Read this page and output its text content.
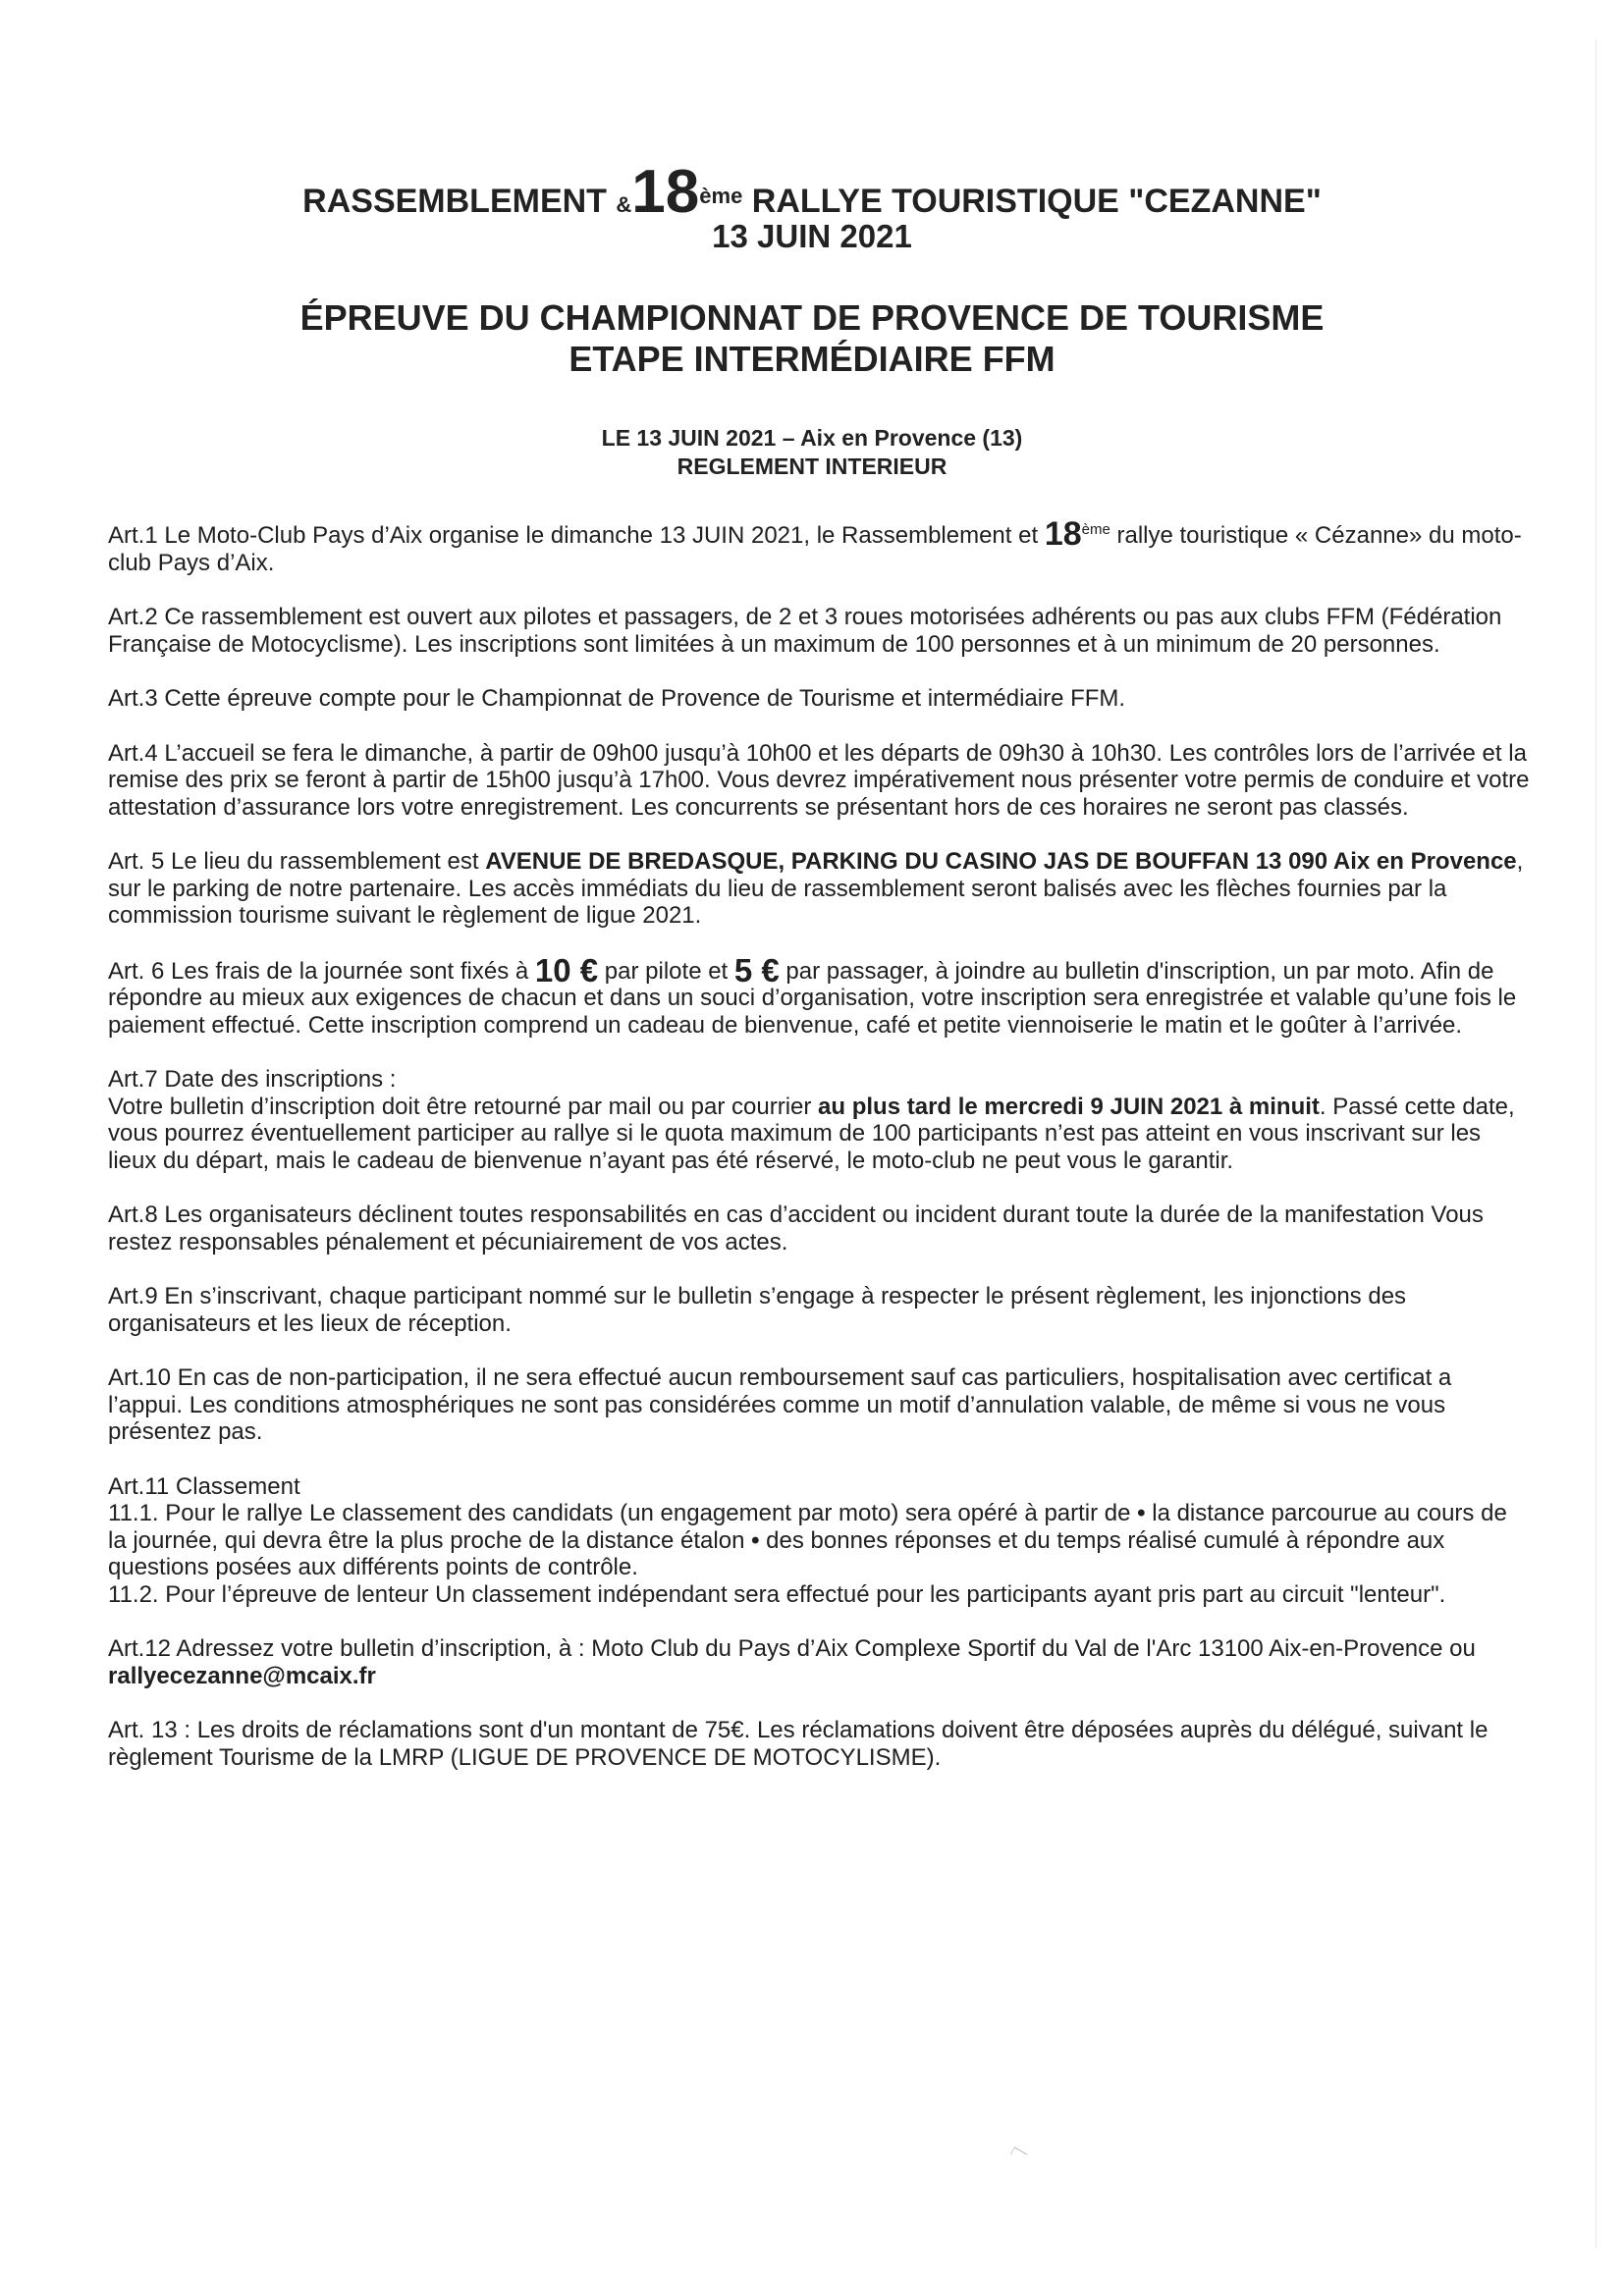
RASSEMBLEMENT &18ème RALLYE TOURISTIQUE "CEZANNE"
13 JUIN 2021
ÉPREUVE DU CHAMPIONNAT DE PROVENCE DE TOURISME
ETAPE INTERMÉDIAIRE FFM
LE 13 JUIN 2021 – Aix en Provence (13)
REGLEMENT INTERIEUR

Art.1 Le Moto-Club Pays d’Aix organise le dimanche 13 JUIN 2021, le Rassemblement et 18ème rallye touristique « Cézanne» du moto-club Pays d’Aix.

Art.2 Ce rassemblement est ouvert aux pilotes et passagers, de 2 et 3 roues motorisées adhérents ou pas aux clubs FFM (Fédération Française de Motocyclisme). Les inscriptions sont limitées à un maximum de 100 personnes et à un minimum de 20 personnes.

Art.3 Cette épreuve compte pour le Championnat de Provence de Tourisme et intermédiaire FFM.

Art.4 L’accueil se fera le dimanche, à partir de 09h00 jusqu’à 10h00 et les départs de 09h30 à 10h30. Les contrôles lors de l’arrivée et la remise des prix se feront à partir de 15h00 jusqu’à 17h00. Vous devrez impérativement nous présenter votre permis de conduire et votre attestation d’assurance lors votre enregistrement. Les concurrents se présentant hors de ces horaires ne seront pas classés.

Art. 5 Le lieu du rassemblement est AVENUE DE BREDASQUE, PARKING DU CASINO JAS DE BOUFFAN 13 090 Aix en Provence, sur le parking de notre partenaire. Les accès immédiats du lieu de rassemblement seront balisés avec les flèches fournies par la commission tourisme suivant le règlement de ligue 2021.

Art. 6 Les frais de la journée sont fixés à 10 € par pilote et 5 € par passager, à joindre au bulletin d'inscription, un par moto. Afin de répondre au mieux aux exigences de chacun et dans un souci d’organisation, votre inscription sera enregistrée et valable qu’une fois le paiement effectué. Cette inscription comprend un cadeau de bienvenue, café et petite viennoiserie le matin et le goûter à l’arrivée.

Art.7 Date des inscriptions :

Votre bulletin d’inscription doit être retourné par mail ou par courrier au plus tard le mercredi 9 JUIN 2021 à minuit. Passé cette date, vous pourrez éventuellement participer au rallye si le quota maximum de 100 participants n’est pas atteint en vous inscrivant sur les lieux du départ, mais le cadeau de bienvenue n’ayant pas été réservé, le moto-club ne peut vous le garantir.

Art.8 Les organisateurs déclinent toutes responsabilités en cas d’accident ou incident durant toute la durée de la manifestation Vous restez responsables pénalement et pécuniairement de vos actes.

Art.9 En s’inscrivant, chaque participant nommé sur le bulletin s’engage à respecter le présent règlement, les injonctions des organisateurs et les lieux de réception.

Art.10 En cas de non-participation, il ne sera effectué aucun remboursement sauf cas particuliers, hospitalisation avec certificat a l’appui. Les conditions atmosphériques ne sont pas considérées comme un motif d’annulation valable, de même si vous ne vous présentez pas.

Art.11 Classement

11.1. Pour le rallye Le classement des candidats (un engagement par moto) sera opéré à partir de • la distance parcourue au cours de la journée, qui devra être la plus proche de la distance étalon • des bonnes réponses et du temps réalisé cumulé à répondre aux questions posées aux différents points de contrôle.

11.2. Pour l’épreuve de lenteur Un classement indépendant sera effectué pour les participants ayant pris part au circuit "lenteur".

Art.12 Adressez votre bulletin d’inscription, à : Moto Club du Pays d’Aix Complexe Sportif du Val de l'Arc 13100 Aix-en-Provence ou rallyecezanne@mcaix.fr

Art. 13 : Les droits de réclamations sont d'un montant de 75€. Les réclamations doivent être déposées auprès du délégué, suivant le règlement Tourisme de la LMRP (LIGUE DE PROVENCE DE MOTOCYLISME).
